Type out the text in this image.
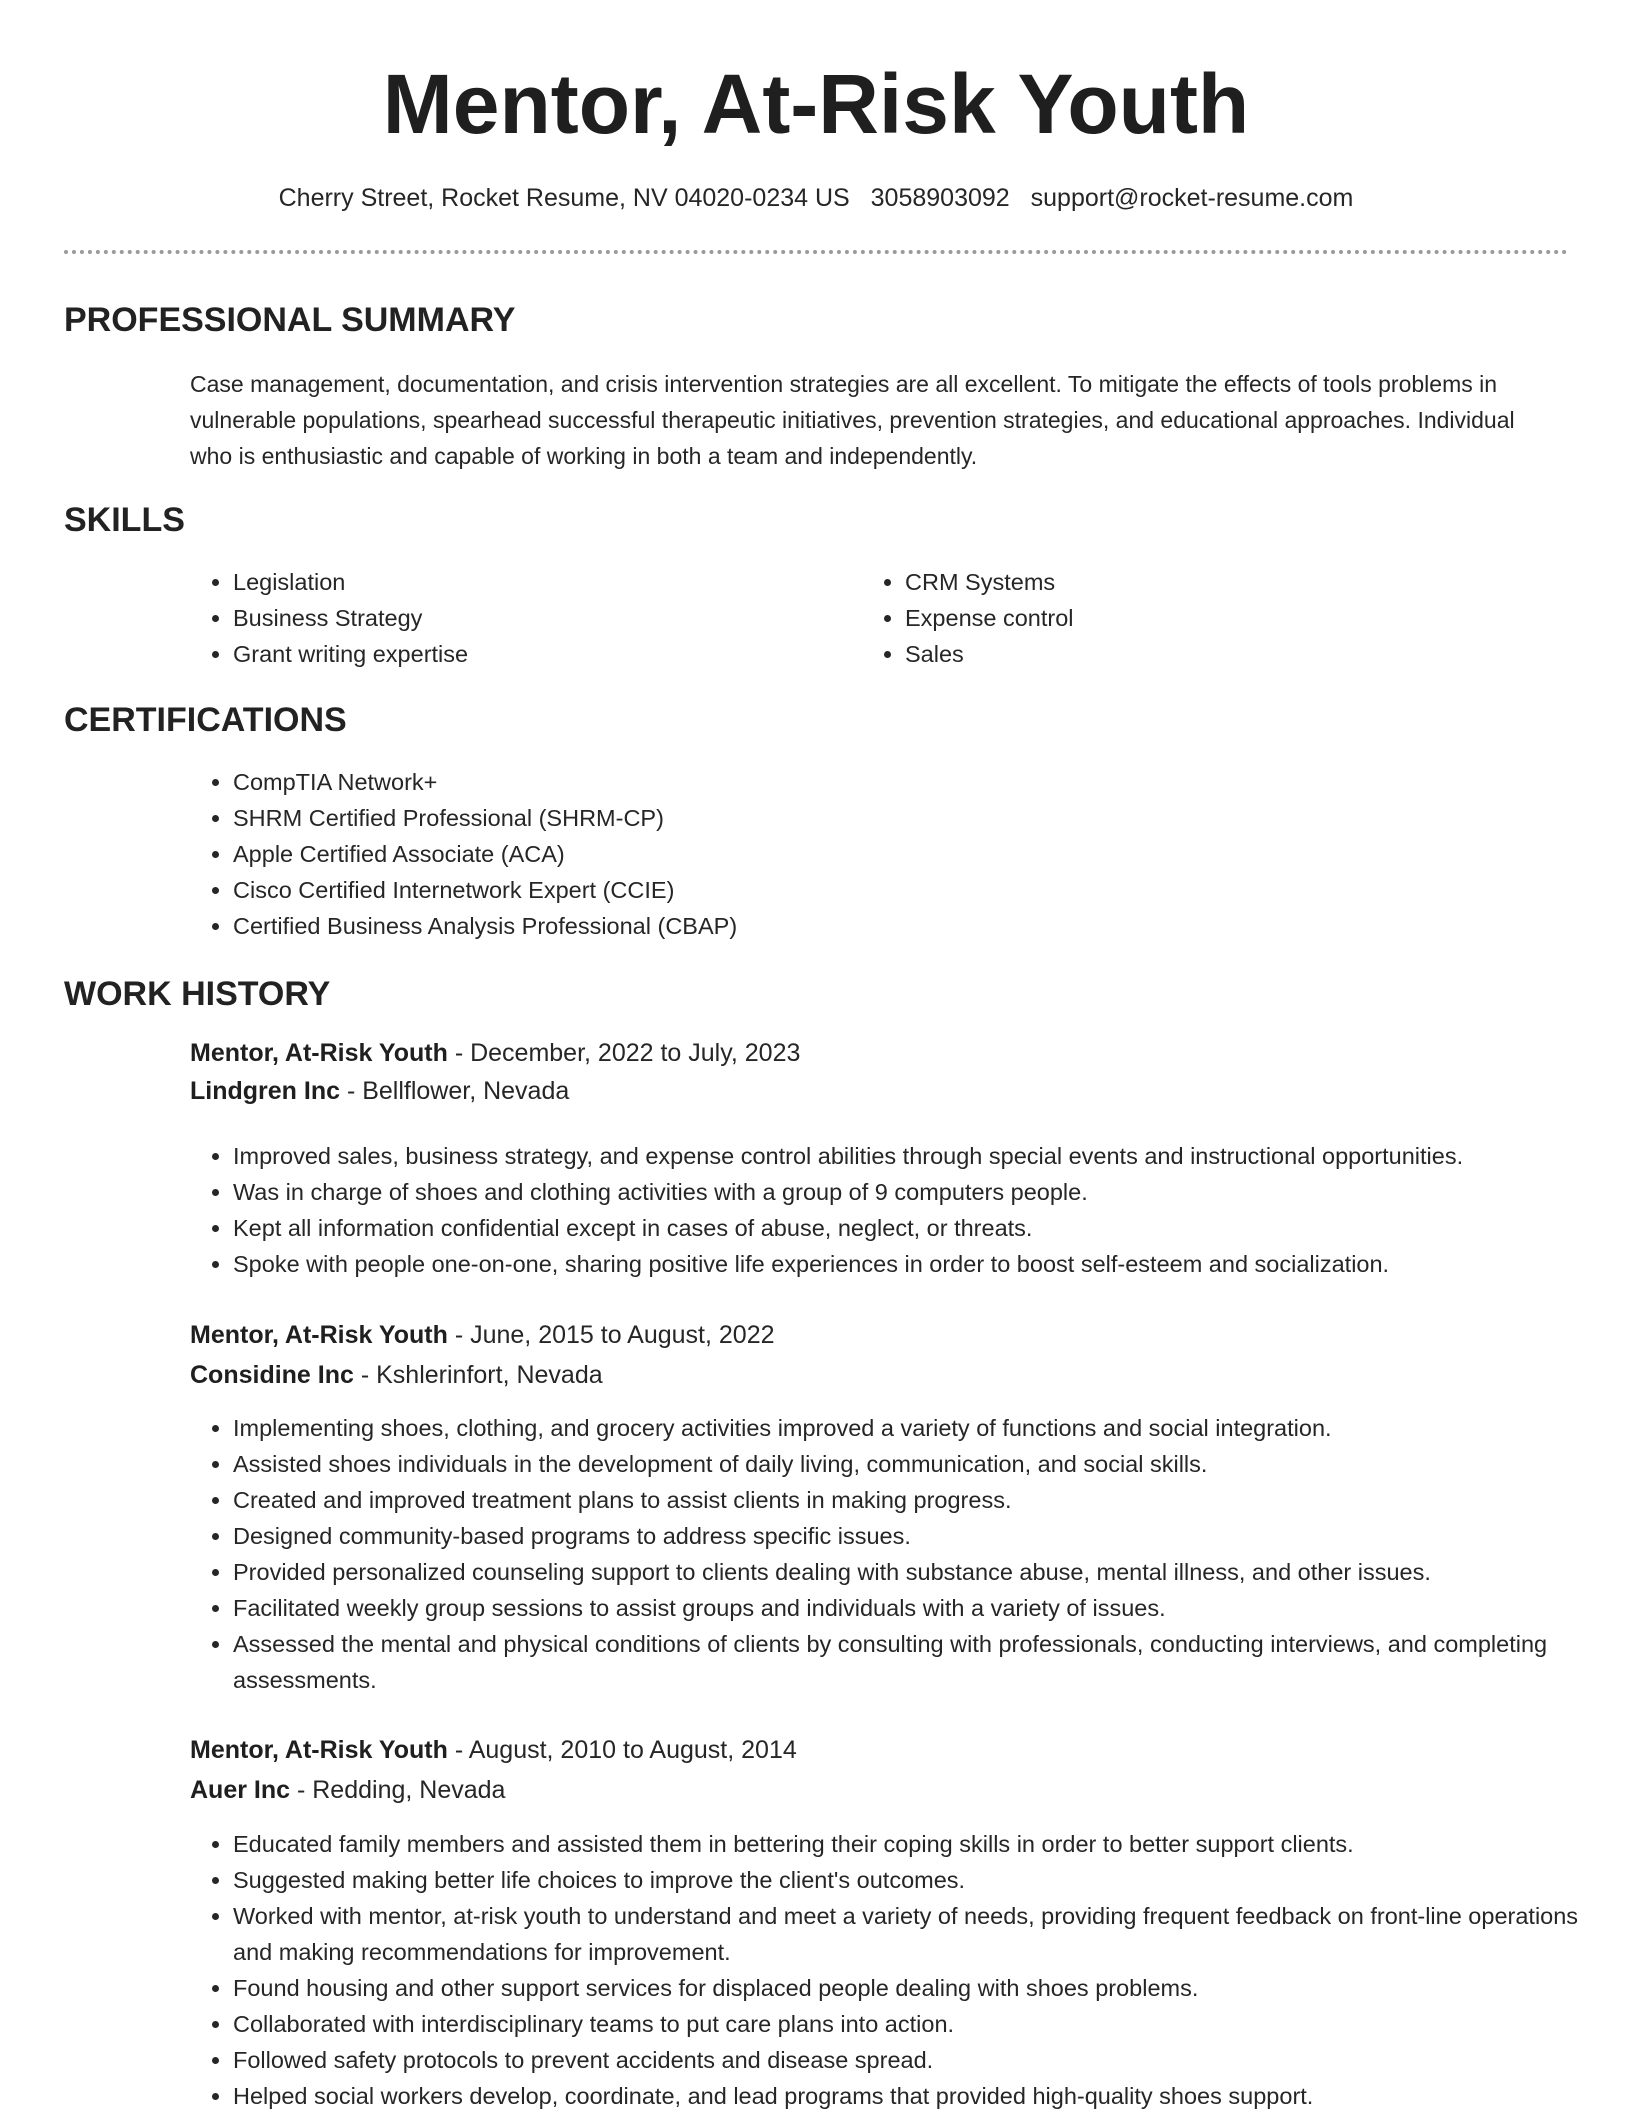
Mentor, At-Risk Youth
Cherry Street, Rocket Resume, NV 04020-0234 US 3058903092 support@rocket-resume.com
PROFESSIONAL SUMMARY

Case management, documentation, and crisis intervention strategies are all excellent. To mitigate the effects of tools problems in vulnerable populations, spearhead successful therapeutic initiatives, prevention strategies, and educational approaches. Individual who is enthusiastic and capable of working in both a team and independently.

SKILLS
• Legislation
• Business Strategy
• Grant writing expertise
• CRM Systems
• Expense control
• Sales
CERTIFICATIONS
• CompTIA Network+
• SHRM Certified Professional (SHRM-CP)
• Apple Certified Associate (ACA)
• Cisco Certified Internetwork Expert (CCIE)
• Certified Business Analysis Professional (CBAP)
WORK HISTORY
Mentor, At-Risk Youth - December, 2022 to July, 2023
Lindgren Inc - Bellflower, Nevada
• Improved sales, business strategy, and expense control abilities through special events and instructional opportunities.
• Was in charge of shoes and clothing activities with a group of 9 computers people.
• Kept all information confidential except in cases of abuse, neglect, or threats.
• Spoke with people one-on-one, sharing positive life experiences in order to boost self-esteem and socialization.
Mentor, At-Risk Youth - June, 2015 to August, 2022
Considine Inc - Kshlerinfort, Nevada
• Implementing shoes, clothing, and grocery activities improved a variety of functions and social integration.
• Assisted shoes individuals in the development of daily living, communication, and social skills.
• Created and improved treatment plans to assist clients in making progress.
• Designed community-based programs to address specific issues.
• Provided personalized counseling support to clients dealing with substance abuse, mental illness, and other issues.
• Facilitated weekly group sessions to assist groups and individuals with a variety of issues.
• Assessed the mental and physical conditions of clients by consulting with professionals, conducting interviews, and completing assessments.
Mentor, At-Risk Youth - August, 2010 to August, 2014
Auer Inc - Redding, Nevada
• Educated family members and assisted them in bettering their coping skills in order to better support clients.
• Suggested making better life choices to improve the client's outcomes.
• Worked with mentor, at-risk youth to understand and meet a variety of needs, providing frequent feedback on front-line operations and making recommendations for improvement.
• Found housing and other support services for displaced people dealing with shoes problems.
• Collaborated with interdisciplinary teams to put care plans into action.
• Followed safety protocols to prevent accidents and disease spread.
• Helped social workers develop, coordinate, and lead programs that provided high-quality shoes support.
